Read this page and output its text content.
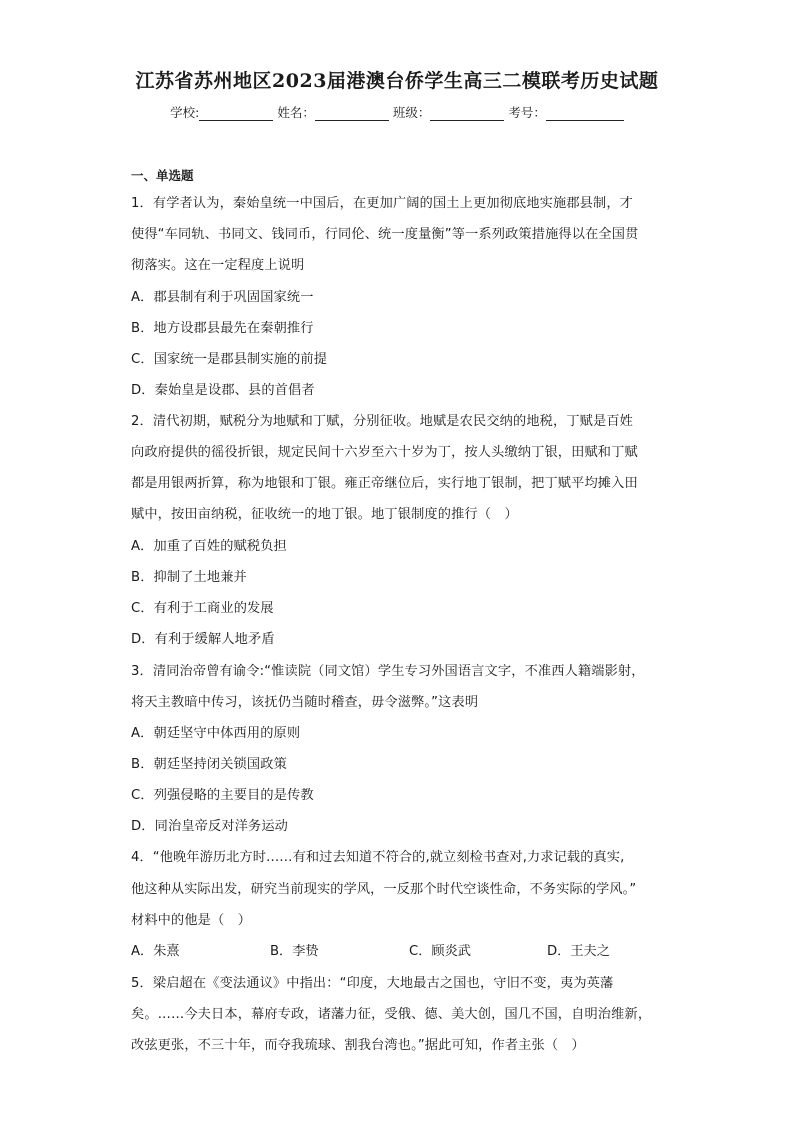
江苏省苏州地区2023届港澳台侨学生高三二模联考历史试题
学校:	姓名：	班级：	考号：
一、单选题
1．有学者认为，秦始皇统一中国后，在更加广阔的国土上更加彻底地实施郡县制，才
使得“车同轨、书同文、钱同币，行同伦、统一度量衡”等一系列政策措施得以在全国贯
彻落实。这在一定程度上说明
A．郡县制有利于巩固国家统一
B．地方设郡县最先在秦朝推行
C．国家统一是郡县制实施的前提
D．秦始皇是设郡、县的首倡者
2．清代初期，赋税分为地赋和丁赋，分别征收。地赋是农民交纳的地税，丁赋是百姓
向政府提供的徭役折银，规定民间十六岁至六十岁为丁，按人头缴纳丁银，田赋和丁赋
都是用银两折算，称为地银和丁银。雍正帝继位后，实行地丁银制，把丁赋平均摊入田
赋中，按田亩纳税，征收统一的地丁银。地丁银制度的推行（　）
A．加重了百姓的赋税负担
B．抑制了土地兼并
C．有利于工商业的发展
D．有利于缓解人地矛盾
3．清同治帝曾有谕令:“惟读院（同文馆）学生专习外国语言文字，不准西人籍端影射，
将天主教暗中传习，该抚仍当随时稽查，毋令滋弊。”这表明
A．朝廷坚守中体西用的原则
B．朝廷坚持闭关锁国政策
C．列强侵略的主要目的是传教
D．同治皇帝反对洋务运动
4．“他晚年游历北方时……有和过去知道不符合的,就立刻检书查对,力求记载的真实,
他这种从实际出发，研究当前现实的学风，一反那个时代空谈性命，不务实际的学风。”
材料中的他是（　）
A．朱熹	B．李贽	C．顾炎武	D．王夫之
5．梁启超在《变法通议》中指出：“印度，大地最古之国也，守旧不变，夷为英藩
矣。……今夫日本，幕府专政，诸藩力征，受俄、德、美大创，国几不国，自明治维新，
改弦更张，不三十年，而夺我琉球、割我台湾也。”据此可知，作者主张（　）
